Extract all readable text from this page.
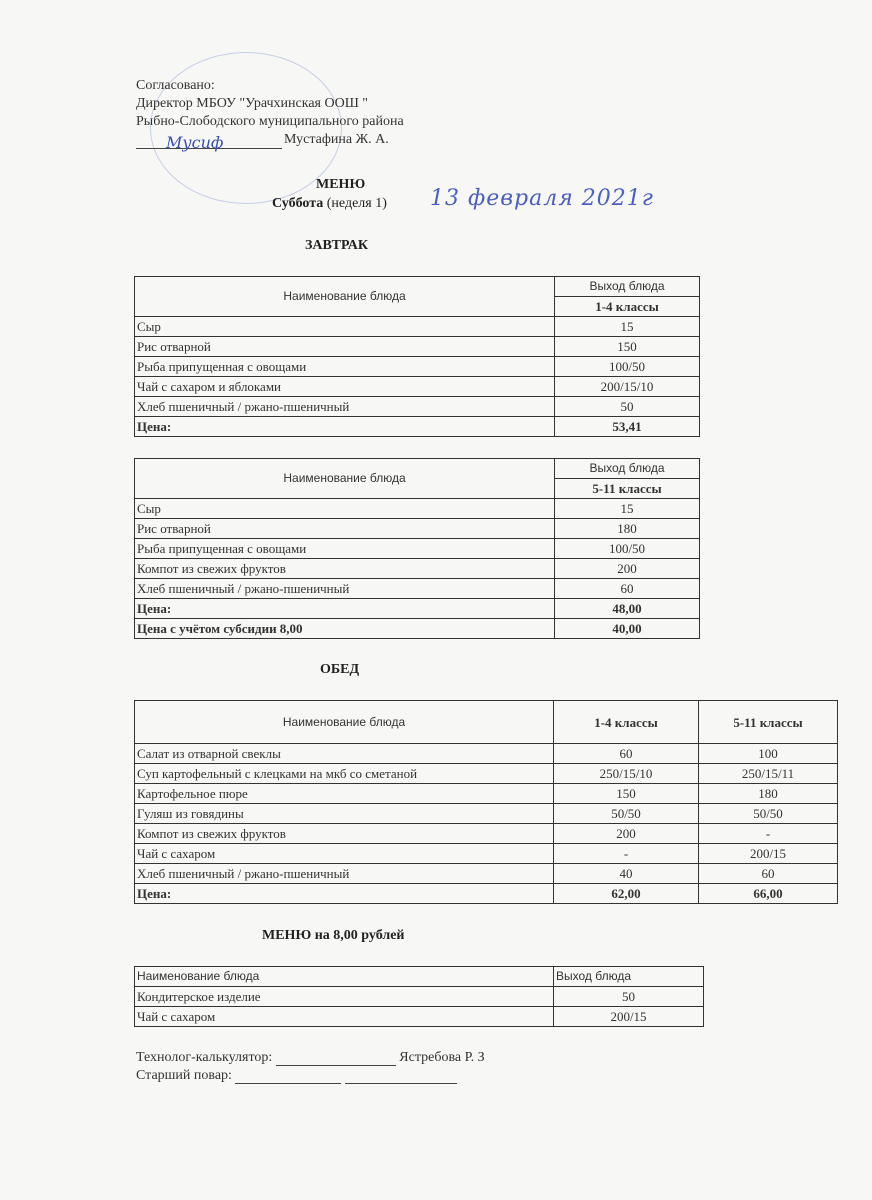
Согласовано:
Директор МБОУ "Урачхинская ООШ "
Рыбно-Слободского муниципального района
Мусиф	Мустафина Ж. А.
МЕНЮ
Суббота (неделя 1) 13 февраля 2021г
ЗАВТРАК
Наименование блюда	Выход блюда
	1-4 классы
Сыр	15
Рис отварной	150
Рыба припущенная с овощами	100/50
Чай с сахаром и яблоками	200/15/10
Хлеб пшеничный / ржано-пшеничный	50
Цена:	53,41
Наименование блюда	Выход блюда
	5-11 классы
Сыр	15
Рис отварной	180
Рыба припущенная с овощами	100/50
Компот из свежих фруктов	200
Хлеб пшеничный / ржано-пшеничный	60
Цена:	48,00
Цена с учётом субсидии 8,00	40,00
ОБЕД
Наименование блюда	1-4 классы	5-11 классы
Салат из отварной свеклы	60	100
Суп картофельный с клецками на мкб со сметаной	250/15/10	250/15/11
Картофельное пюре	150	180
Гуляш из говядины	50/50	50/50
Компот из свежих фруктов	200	-
Чай с сахаром	-	200/15
Хлеб пшеничный / ржано-пшеничный	40	60
Цена:	62,00	66,00
МЕНЮ на 8,00 рублей
Наименование блюда	Выход блюда
Кондитерское изделие	50
Чай с сахаром	200/15
Технолог-калькулятор:	Ястребова Р. З
Старший повар:
